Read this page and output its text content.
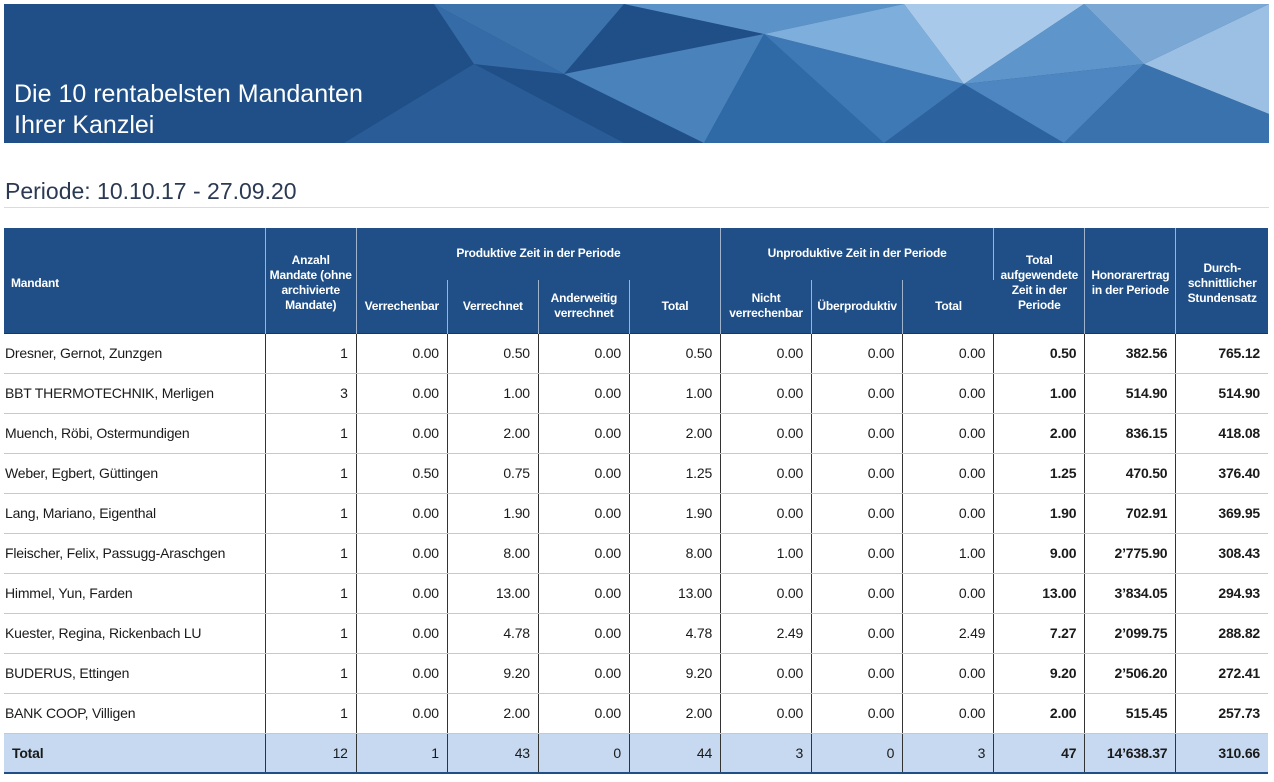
Die 10 rentabelsten Mandanten
Ihrer Kanzlei
Periode: 10.10.17 - 27.09.20
Mandant	Anzahl Mandate (ohne archivierte Mandate)	Produktive Zeit in der Periode				Unproduktive Zeit in der Periode			Total aufgewendete Zeit in der Periode	Honorarertrag in der Periode	Durch-schnittlicher Stundensatz
		Verrechenbar	Verrechnet	Anderweitig verrechnet	Total	Nicht verrechenbar	Überproduktiv	Total			
Dresner, Gernot, Zunzgen	1	0.00	0.50	0.00	0.50	0.00	0.00	0.00	0.50	382.56	765.12
BBT THERMOTECHNIK, Merligen	3	0.00	1.00	0.00	1.00	0.00	0.00	0.00	1.00	514.90	514.90
Muench, Röbi, Ostermundigen	1	0.00	2.00	0.00	2.00	0.00	0.00	0.00	2.00	836.15	418.08
Weber, Egbert, Güttingen	1	0.50	0.75	0.00	1.25	0.00	0.00	0.00	1.25	470.50	376.40
Lang, Mariano, Eigenthal	1	0.00	1.90	0.00	1.90	0.00	0.00	0.00	1.90	702.91	369.95
Fleischer, Felix, Passugg-Araschgen	1	0.00	8.00	0.00	8.00	1.00	0.00	1.00	9.00	2’775.90	308.43
Himmel, Yun, Farden	1	0.00	13.00	0.00	13.00	0.00	0.00	0.00	13.00	3’834.05	294.93
Kuester, Regina, Rickenbach LU	1	0.00	4.78	0.00	4.78	2.49	0.00	2.49	7.27	2’099.75	288.82
BUDERUS, Ettingen	1	0.00	9.20	0.00	9.20	0.00	0.00	0.00	9.20	2’506.20	272.41
BANK COOP, Villigen	1	0.00	2.00	0.00	2.00	0.00	0.00	0.00	2.00	515.45	257.73
Total	12	1	43	0	44	3	0	3	47	14’638.37	310.66
